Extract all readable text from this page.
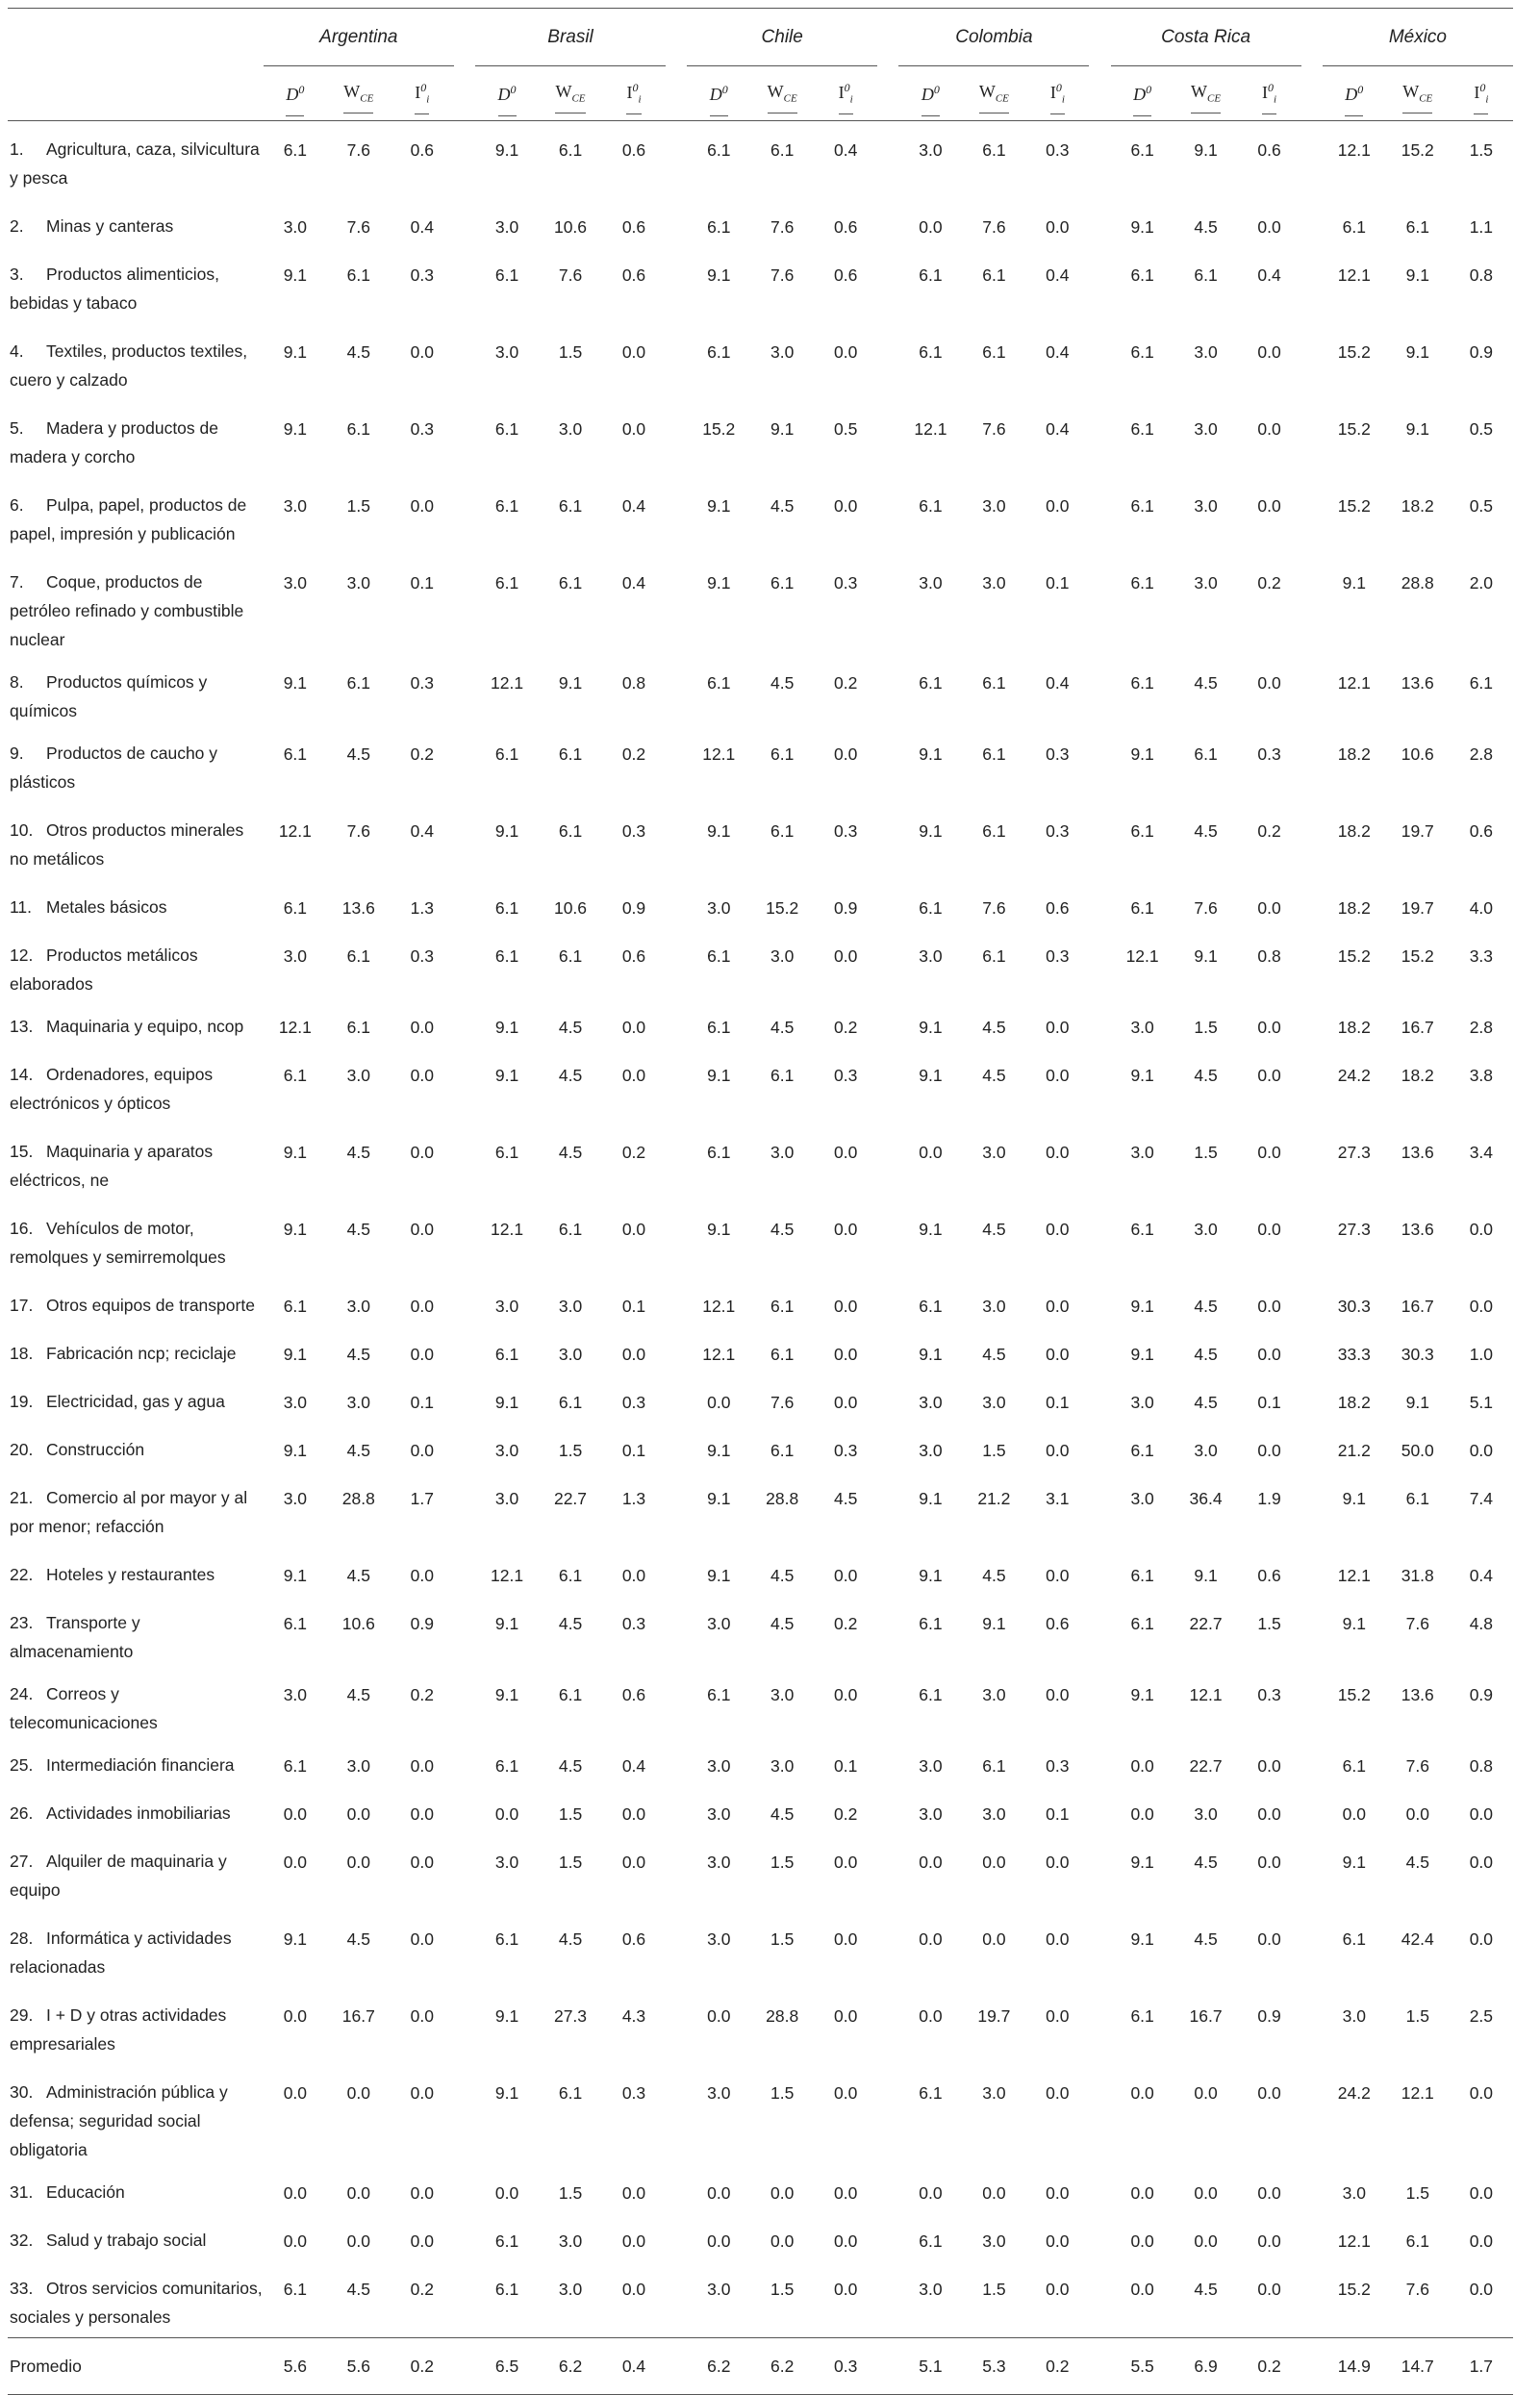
	Argentina				Brasil				Chile				Colombia				Costa Rica				México		

	$D^0$	$W_{CE}$	$I^0_i$		$D^0$	$W_{CE}$	$I^0_i$		$D^0$	$W_{CE}$	$I^0_i$		$D^0$	$W_{CE}$	$I^0_i$		$D^0$	$W_{CE}$	$I^0_i$		$D^0$	$W_{CE}$	$I^0_i$
1. Agricultura, caza, silvicultura y pesca	6.1	7.6	0.6		9.1	6.1	0.6		6.1	6.1	0.4		3.0	6.1	0.3		6.1	9.1	0.6		12.1	15.2	1.5
2. Minas y canteras	3.0	7.6	0.4		3.0	10.6	0.6		6.1	7.6	0.6		0.0	7.6	0.0		9.1	4.5	0.0		6.1	6.1	1.1
3. Productos alimenticios, bebidas y tabaco	9.1	6.1	0.3		6.1	7.6	0.6		9.1	7.6	0.6		6.1	6.1	0.4		6.1	6.1	0.4		12.1	9.1	0.8
4. Textiles, productos textiles, cuero y calzado	9.1	4.5	0.0		3.0	1.5	0.0		6.1	3.0	0.0		6.1	6.1	0.4		6.1	3.0	0.0		15.2	9.1	0.9
5. Madera y productos de madera y corcho	9.1	6.1	0.3		6.1	3.0	0.0		15.2	9.1	0.5		12.1	7.6	0.4		6.1	3.0	0.0		15.2	9.1	0.5
6. Pulpa, papel, productos de papel, impresión y publicación	3.0	1.5	0.0		6.1	6.1	0.4		9.1	4.5	0.0		6.1	3.0	0.0		6.1	3.0	0.0		15.2	18.2	0.5
7. Coque, productos de petróleo refinado y combustible nuclear	3.0	3.0	0.1		6.1	6.1	0.4		9.1	6.1	0.3		3.0	3.0	0.1		6.1	3.0	0.2		9.1	28.8	2.0
8. Productos químicos y químicos	9.1	6.1	0.3		12.1	9.1	0.8		6.1	4.5	0.2		6.1	6.1	0.4		6.1	4.5	0.0		12.1	13.6	6.1
9. Productos de caucho y plásticos	6.1	4.5	0.2		6.1	6.1	0.2		12.1	6.1	0.0		9.1	6.1	0.3		9.1	6.1	0.3		18.2	10.6	2.8
10. Otros productos minerales no metálicos	12.1	7.6	0.4		9.1	6.1	0.3		9.1	6.1	0.3		9.1	6.1	0.3		6.1	4.5	0.2		18.2	19.7	0.6
11. Metales básicos	6.1	13.6	1.3		6.1	10.6	0.9		3.0	15.2	0.9		6.1	7.6	0.6		6.1	7.6	0.0		18.2	19.7	4.0
12. Productos metálicos elaborados	3.0	6.1	0.3		6.1	6.1	0.6		6.1	3.0	0.0		3.0	6.1	0.3		12.1	9.1	0.8		15.2	15.2	3.3
13. Maquinaria y equipo, ncop	12.1	6.1	0.0		9.1	4.5	0.0		6.1	4.5	0.2		9.1	4.5	0.0		3.0	1.5	0.0		18.2	16.7	2.8
14. Ordenadores, equipos electrónicos y ópticos	6.1	3.0	0.0		9.1	4.5	0.0		9.1	6.1	0.3		9.1	4.5	0.0		9.1	4.5	0.0		24.2	18.2	3.8
15. Maquinaria y aparatos eléctricos, ne	9.1	4.5	0.0		6.1	4.5	0.2		6.1	3.0	0.0		0.0	3.0	0.0		3.0	1.5	0.0		27.3	13.6	3.4
16. Vehículos de motor, remolques y semirremolques	9.1	4.5	0.0		12.1	6.1	0.0		9.1	4.5	0.0		9.1	4.5	0.0		6.1	3.0	0.0		27.3	13.6	0.0
17. Otros equipos de transporte	6.1	3.0	0.0		3.0	3.0	0.1		12.1	6.1	0.0		6.1	3.0	0.0		9.1	4.5	0.0		30.3	16.7	0.0
18. Fabricación ncp; reciclaje	9.1	4.5	0.0		6.1	3.0	0.0		12.1	6.1	0.0		9.1	4.5	0.0		9.1	4.5	0.0		33.3	30.3	1.0
19. Electricidad, gas y agua	3.0	3.0	0.1		9.1	6.1	0.3		0.0	7.6	0.0		3.0	3.0	0.1		3.0	4.5	0.1		18.2	9.1	5.1
20. Construcción	9.1	4.5	0.0		3.0	1.5	0.1		9.1	6.1	0.3		3.0	1.5	0.0		6.1	3.0	0.0		21.2	50.0	0.0
21. Comercio al por mayor y al por menor; refacción	3.0	28.8	1.7		3.0	22.7	1.3		9.1	28.8	4.5		9.1	21.2	3.1		3.0	36.4	1.9		9.1	6.1	7.4
22. Hoteles y restaurantes	9.1	4.5	0.0		12.1	6.1	0.0		9.1	4.5	0.0		9.1	4.5	0.0		6.1	9.1	0.6		12.1	31.8	0.4
23. Transporte y almacenamiento	6.1	10.6	0.9		9.1	4.5	0.3		3.0	4.5	0.2		6.1	9.1	0.6		6.1	22.7	1.5		9.1	7.6	4.8
24. Correos y telecomunicaciones	3.0	4.5	0.2		9.1	6.1	0.6		6.1	3.0	0.0		6.1	3.0	0.0		9.1	12.1	0.3		15.2	13.6	0.9
25. Intermediación financiera	6.1	3.0	0.0		6.1	4.5	0.4		3.0	3.0	0.1		3.0	6.1	0.3		0.0	22.7	0.0		6.1	7.6	0.8
26. Actividades inmobiliarias	0.0	0.0	0.0		0.0	1.5	0.0		3.0	4.5	0.2		3.0	3.0	0.1		0.0	3.0	0.0		0.0	0.0	0.0
27. Alquiler de maquinaria y equipo	0.0	0.0	0.0		3.0	1.5	0.0		3.0	1.5	0.0		0.0	0.0	0.0		9.1	4.5	0.0		9.1	4.5	0.0
28. Informática y actividades relacionadas	9.1	4.5	0.0		6.1	4.5	0.6		3.0	1.5	0.0		0.0	0.0	0.0		9.1	4.5	0.0		6.1	42.4	0.0
29. I + D y otras actividades empresariales	0.0	16.7	0.0		9.1	27.3	4.3		0.0	28.8	0.0		0.0	19.7	0.0		6.1	16.7	0.9		3.0	1.5	2.5
30. Administración pública y defensa; seguridad social obligatoria	0.0	0.0	0.0		9.1	6.1	0.3		3.0	1.5	0.0		6.1	3.0	0.0		0.0	0.0	0.0		24.2	12.1	0.0
31. Educación	0.0	0.0	0.0		0.0	1.5	0.0		0.0	0.0	0.0		0.0	0.0	0.0		0.0	0.0	0.0		3.0	1.5	0.0
32. Salud y trabajo social	0.0	0.0	0.0		6.1	3.0	0.0		0.0	0.0	0.0		6.1	3.0	0.0		0.0	0.0	0.0		12.1	6.1	0.0
33. Otros servicios comunitarios, sociales y personales	6.1	4.5	0.2		6.1	3.0	0.0		3.0	1.5	0.0		3.0	1.5	0.0		0.0	4.5	0.0		15.2	7.6	0.0
Promedio	5.6	5.6	0.2		6.5	6.2	0.4		6.2	6.2	0.3		5.1	5.3	0.2		5.5	6.9	0.2		14.9	14.7	1.7
